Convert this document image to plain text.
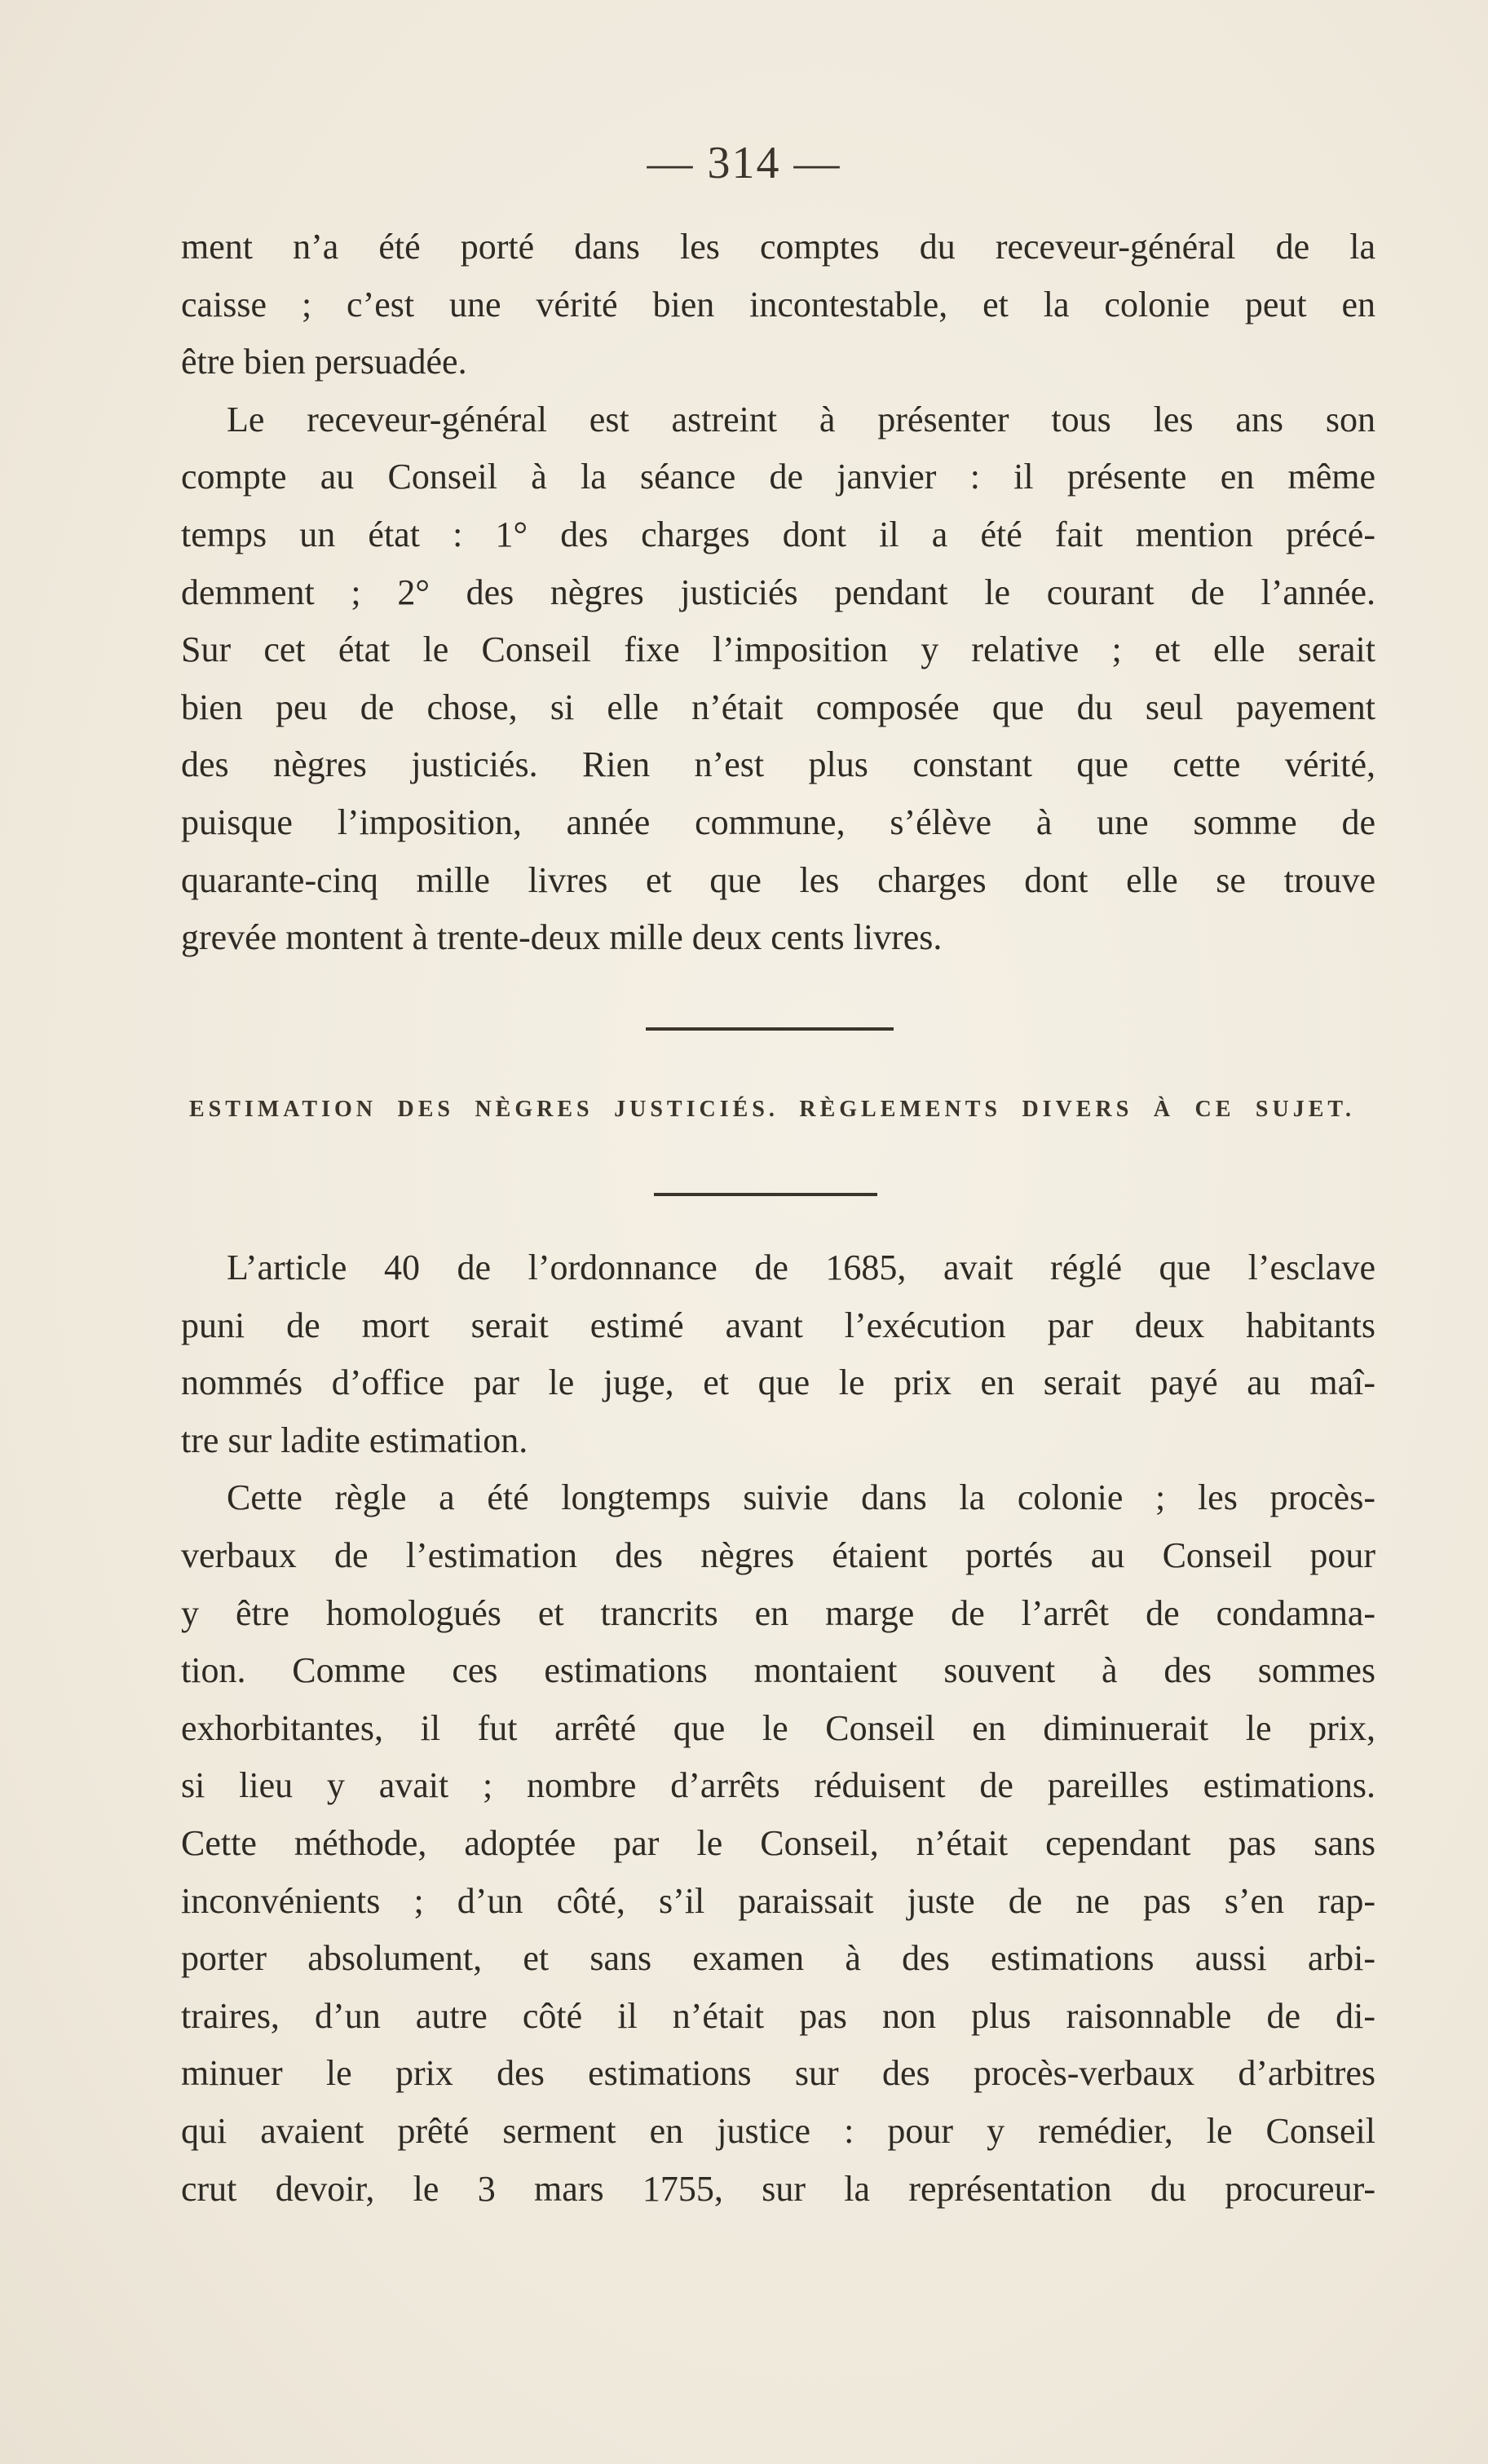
— 314 —
ment n’a été porté dans les comptes du receveur-général de la
caisse ; c’est une vérité bien incontestable, et la colonie peut en
être bien persuadée.
Le receveur-général est astreint à présenter tous les ans son
compte au Conseil à la séance de janvier : il présente en même
temps un état : 1° des charges dont il a été fait mention précé-
demment ; 2° des nègres justiciés pendant le courant de l’année.
Sur cet état le Conseil fixe l’imposition y relative ; et elle serait
bien peu de chose, si elle n’était composée que du seul payement
des nègres justiciés. Rien n’est plus constant que cette vérité,
puisque l’imposition, année commune, s’élève à une somme de
quarante-cinq mille livres et que les charges dont elle se trouve
grevée montent à trente-deux mille deux cents livres.
ESTIMATION DES NÈGRES JUSTICIÉS. RÈGLEMENTS DIVERS À CE SUJET.
L’article 40 de l’ordonnance de 1685, avait réglé que l’esclave
puni de mort serait estimé avant l’exécution par deux habitants
nommés d’office par le juge, et que le prix en serait payé au maî-
tre sur ladite estimation.
Cette règle a été longtemps suivie dans la colonie ; les procès-
verbaux de l’estimation des nègres étaient portés au Conseil pour
y être homologués et trancrits en marge de l’arrêt de condamna-
tion. Comme ces estimations montaient souvent à des sommes
exhorbitantes, il fut arrêté que le Conseil en diminuerait le prix,
si lieu y avait ; nombre d’arrêts réduisent de pareilles estimations.
Cette méthode, adoptée par le Conseil, n’était cependant pas sans
inconvénients ; d’un côté, s’il paraissait juste de ne pas s’en rap-
porter absolument, et sans examen à des estimations aussi arbi-
traires, d’un autre côté il n’était pas non plus raisonnable de di-
minuer le prix des estimations sur des procès-verbaux d’arbitres
qui avaient prêté serment en justice : pour y remédier, le Conseil
crut devoir, le 3 mars 1755, sur la représentation du procureur-
